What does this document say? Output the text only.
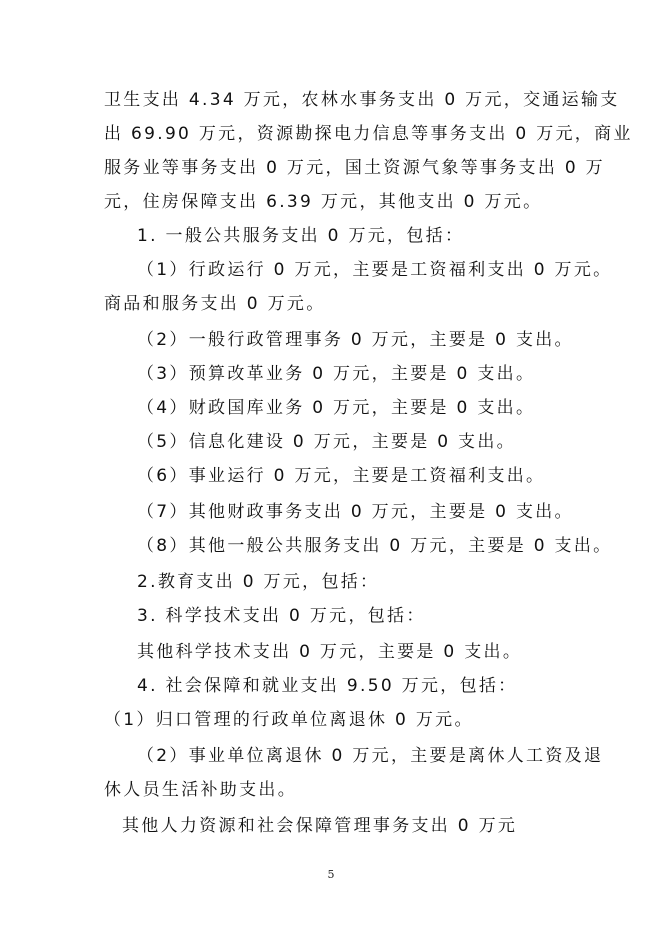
卫生支出 4.34 万元，农林水事务支出 0 万元，交通运输支
出 69.90 万元，资源勘探电力信息等事务支出 0 万元，商业
服务业等事务支出 0 万元，国土资源气象等事务支出 0 万
元，住房保障支出 6.39 万元，其他支出 0 万元。
1. 一般公共服务支出 0 万元，包括：
（1）行政运行 0 万元，主要是工资福利支出 0 万元。
商品和服务支出 0 万元。
（2）一般行政管理事务 0 万元，主要是 0 支出。
（3）预算改革业务 0 万元，主要是 0 支出。
（4）财政国库业务 0 万元，主要是 0 支出。
（5）信息化建设 0 万元，主要是 0 支出。
（6）事业运行 0 万元，主要是工资福利支出。
（7）其他财政事务支出 0 万元，主要是 0 支出。
（8）其他一般公共服务支出 0 万元，主要是 0 支出。
2.教育支出 0 万元，包括：
3. 科学技术支出 0 万元，包括：
其他科学技术支出 0 万元，主要是 0 支出。
4. 社会保障和就业支出 9.50 万元，包括：
（1）归口管理的行政单位离退休 0 万元。
（2）事业单位离退休 0 万元，主要是离休人工资及退
休人员生活补助支出。
其他人力资源和社会保障管理事务支出 0 万元
5
